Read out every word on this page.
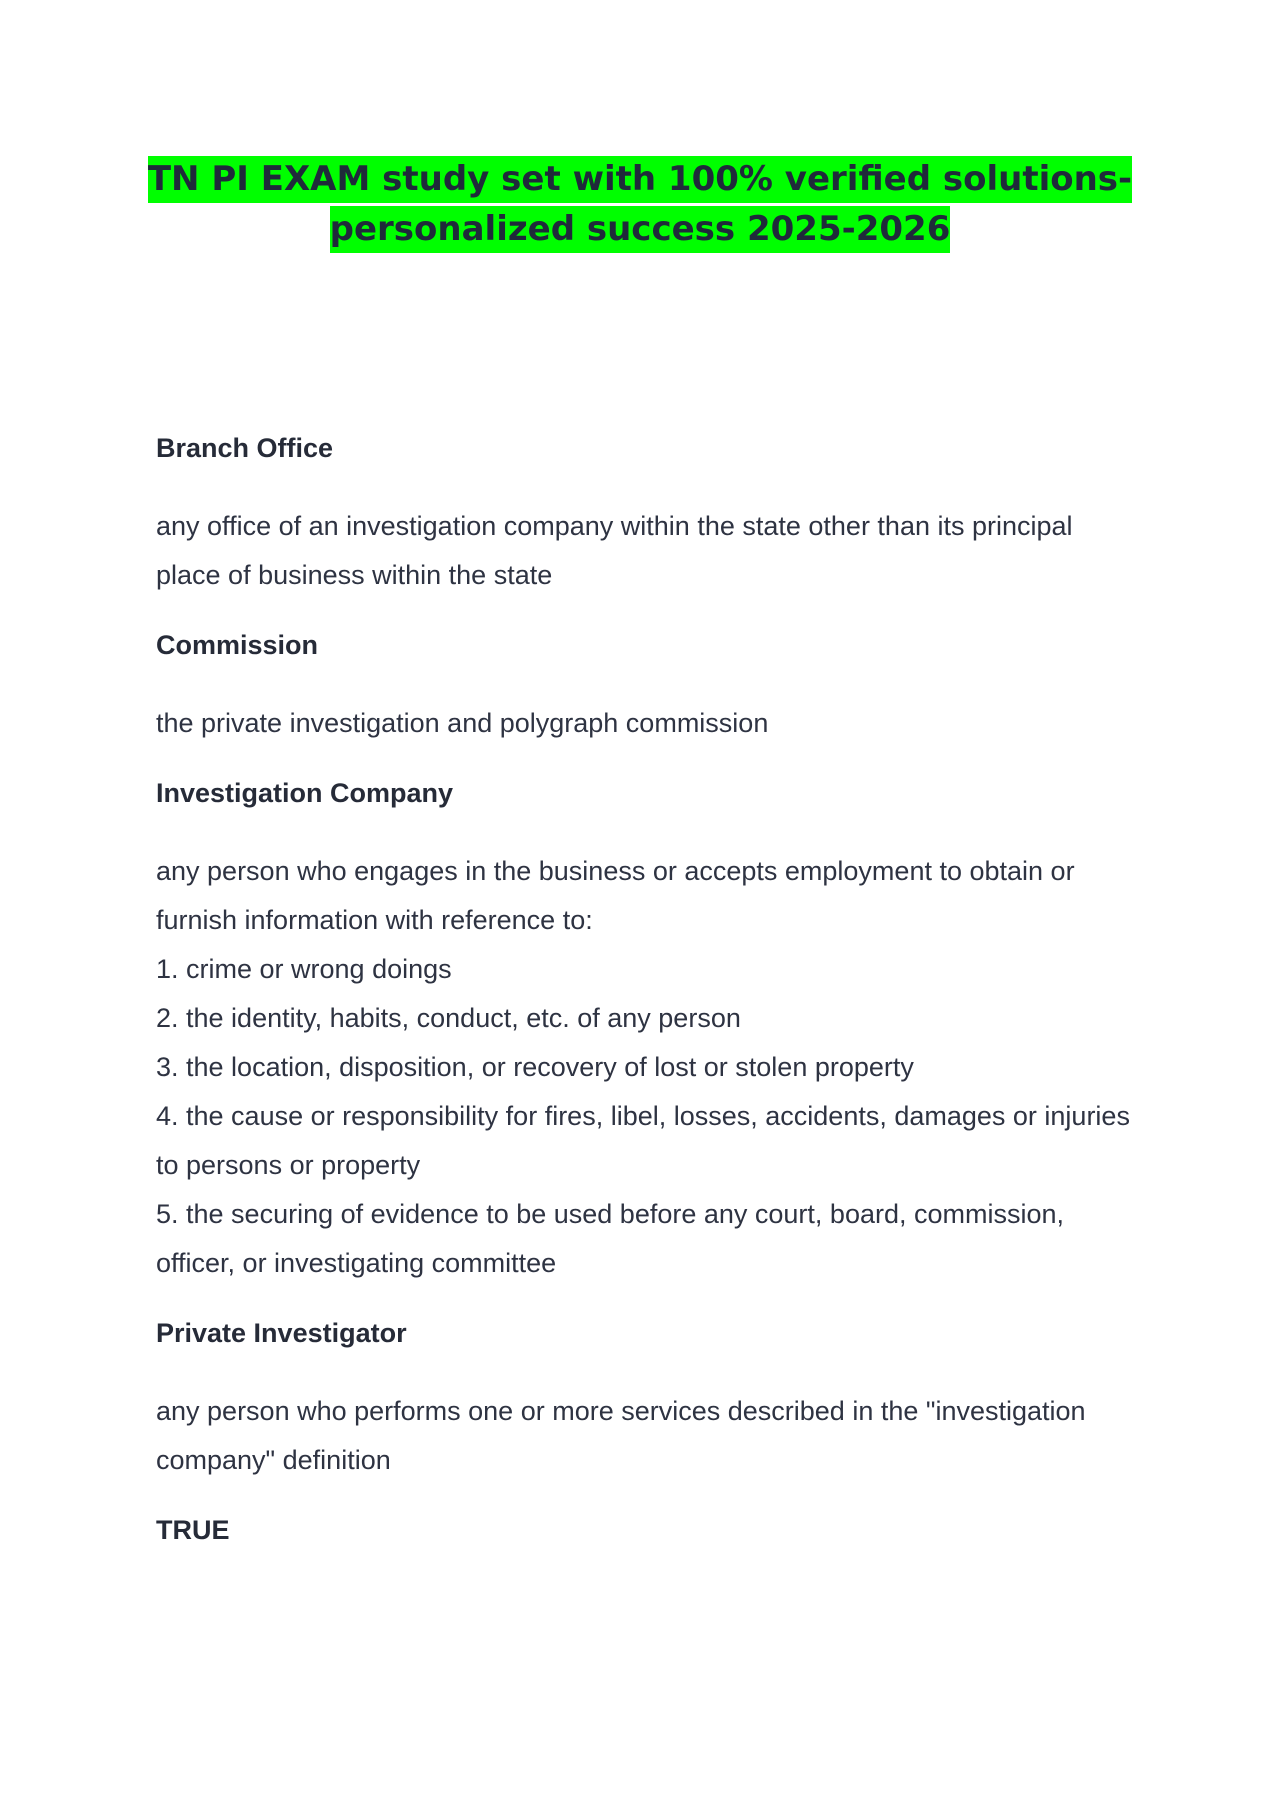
TN PI EXAM study set with 100% verified solutions-personalized success 2025-2026

Branch Office

any office of an investigation company within the state other than its principal place of business within the state

Commission

the private investigation and polygraph commission

Investigation Company

any person who engages in the business or accepts employment to obtain or furnish information with reference to:
1. crime or wrong doings
2. the identity, habits, conduct, etc. of any person
3. the location, disposition, or recovery of lost or stolen property
4. the cause or responsibility for fires, libel, losses, accidents, damages or injuries to persons or property
5. the securing of evidence to be used before any court, board, commission, officer, or investigating committee

Private Investigator

any person who performs one or more services described in the "investigation company" definition

TRUE
